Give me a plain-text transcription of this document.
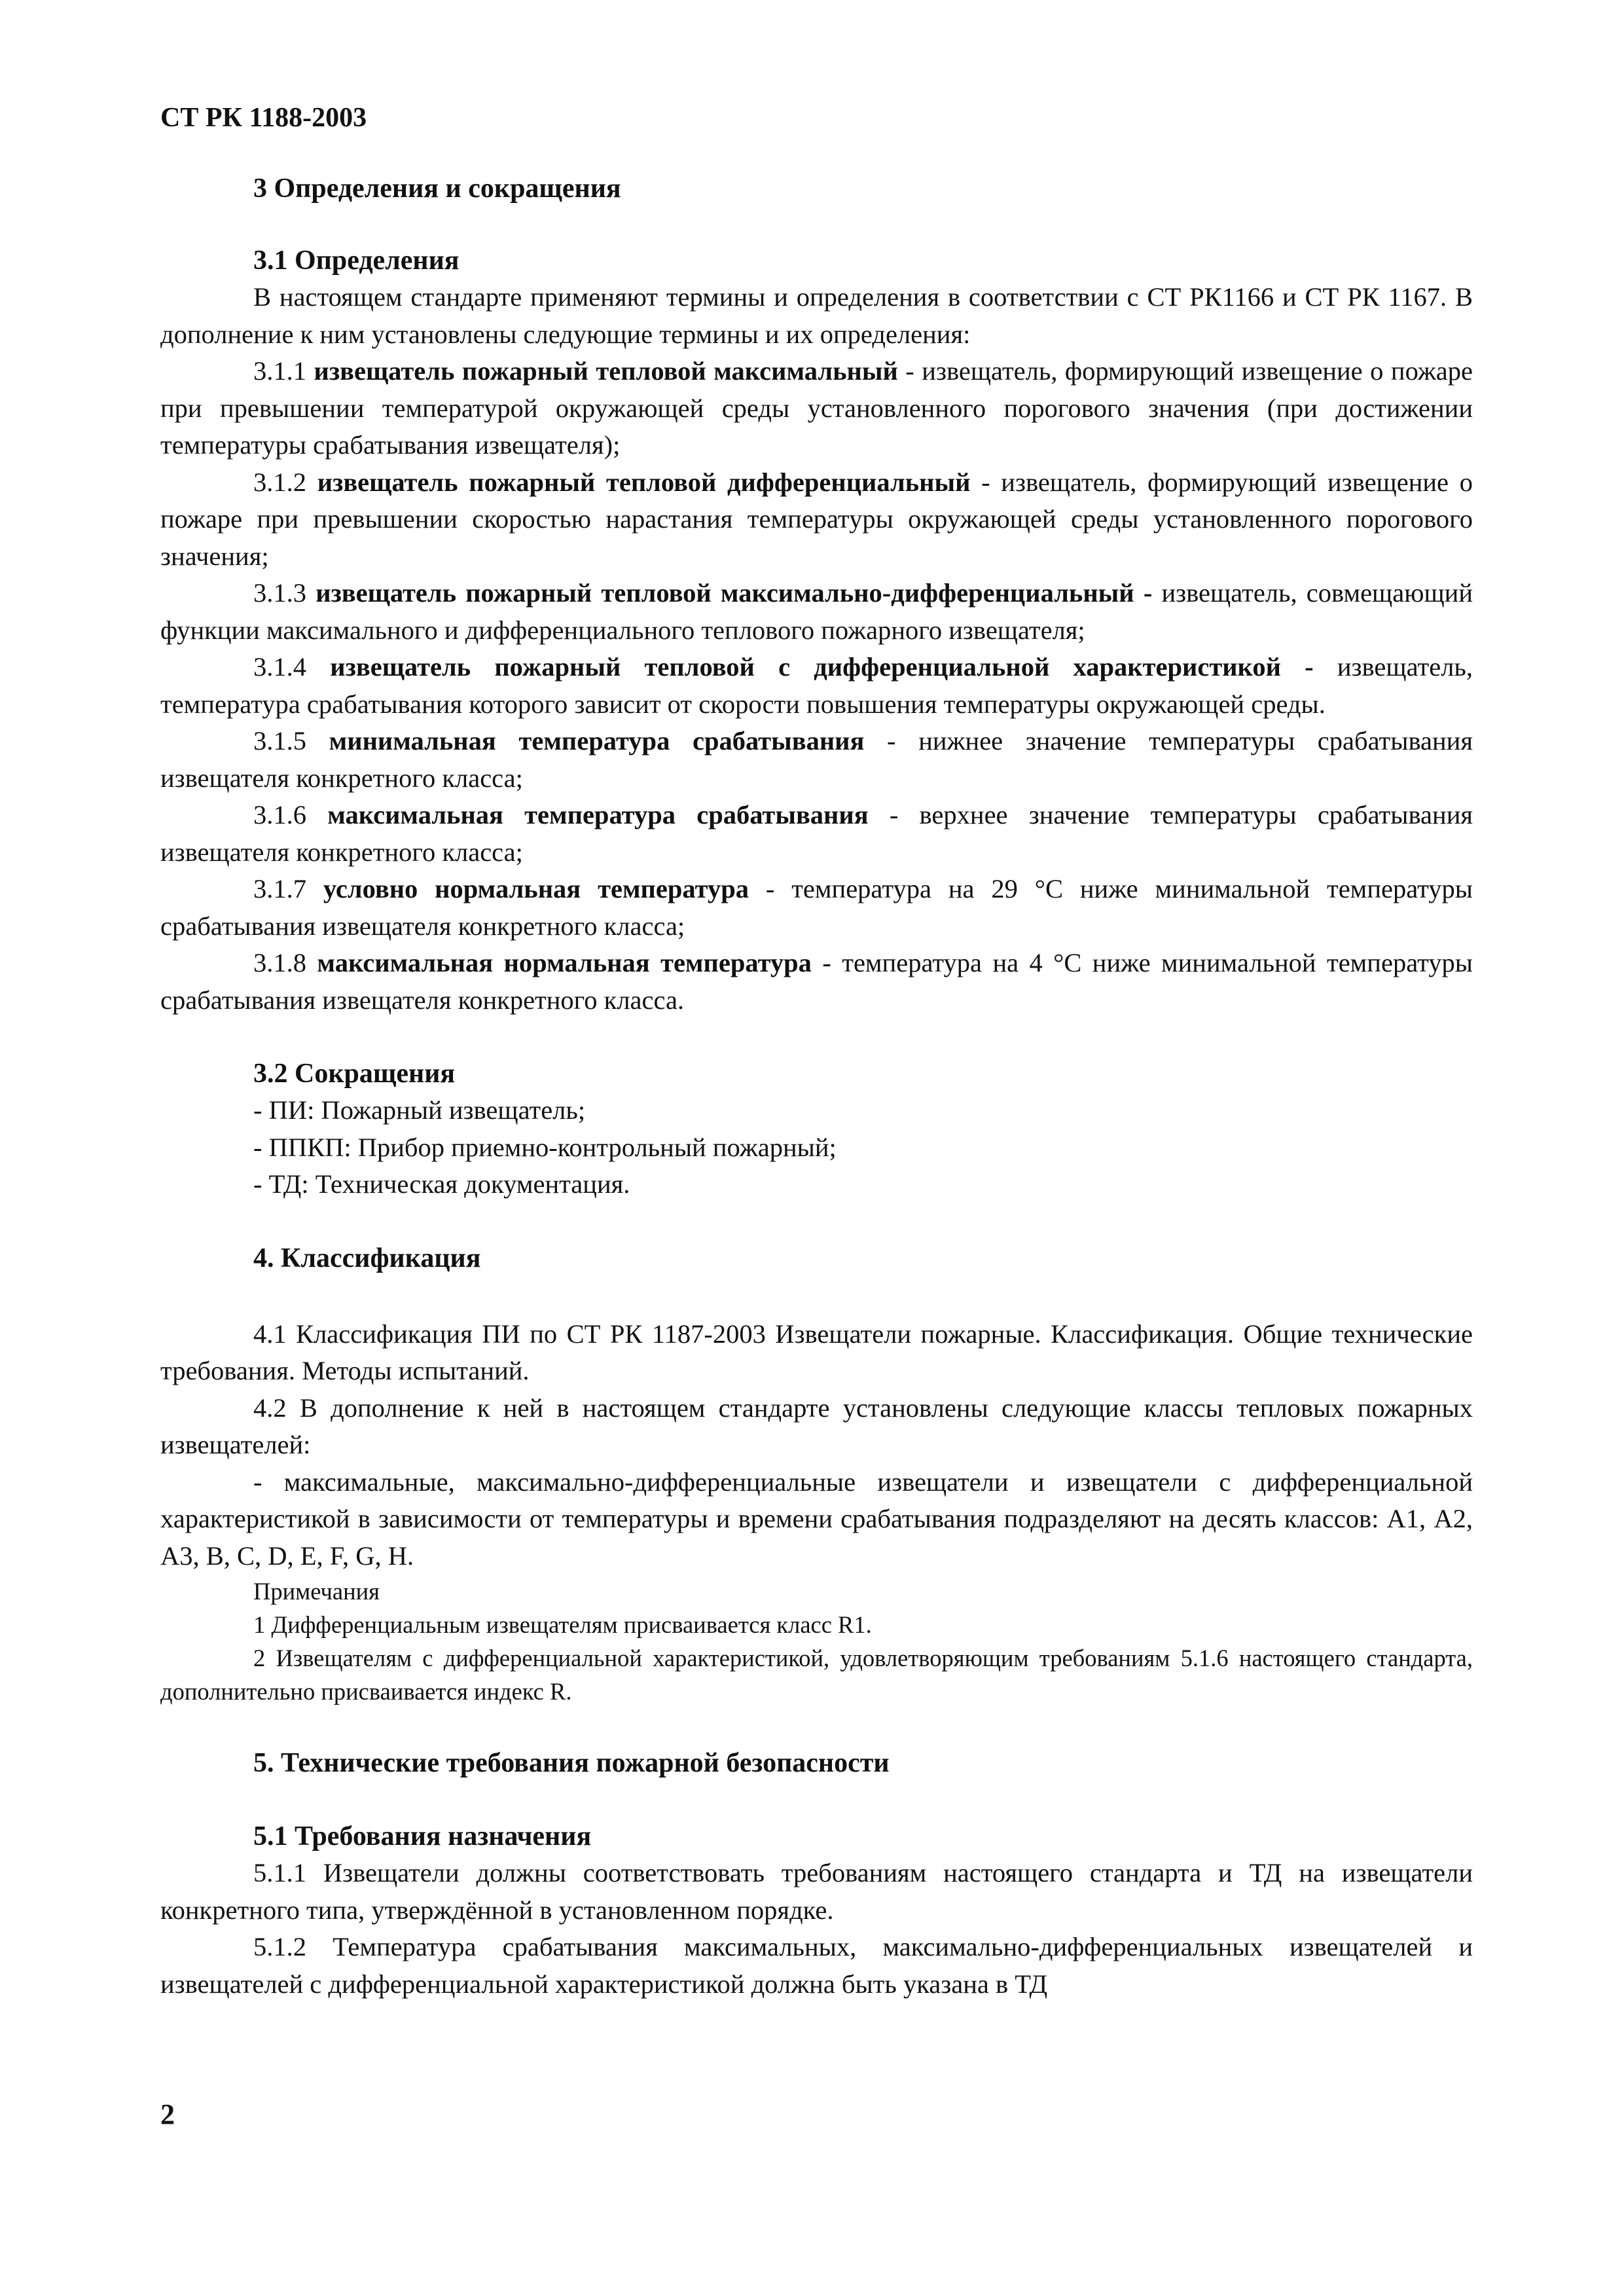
СТ РК 1188-2003
3 Определения и сокращения
3.1 Определения

В настоящем стандарте применяют термины и определения в соответствии с СТ РК1166 и СТ РК 1167. В дополнение к ним установлены следующие термины и их определения:

3.1.1 извещатель пожарный тепловой максимальный - извещатель, формирующий извещение о пожаре при превышении температурой окружающей среды установленного порогового значения (при достижении температуры срабатывания извещателя);

3.1.2 извещатель пожарный тепловой дифференциальный - извещатель, формирующий извещение о пожаре при превышении скоростью нарастания температуры окружающей среды установленного порогового значения;

3.1.3 извещатель пожарный тепловой максимально-дифференциальный - извещатель, совмещающий функции максимального и дифференциального теплового пожарного извещателя;

3.1.4 извещатель пожарный тепловой с дифференциальной характеристикой - извещатель, температура срабатывания которого зависит от скорости повышения температуры окружающей среды.

3.1.5 минимальная температура срабатывания - нижнее значение температуры срабатывания извещателя конкретного класса;

3.1.6 максимальная температура срабатывания - верхнее значение температуры срабатывания извещателя конкретного класса;

3.1.7 условно нормальная температура - температура на 29 °С ниже минимальной температуры срабатывания извещателя конкретного класса;

3.1.8 максимальная нормальная температура - температура на 4 °С ниже минимальной температуры срабатывания извещателя конкретного класса.

3.2 Сокращения
- ПИ: Пожарный извещатель;
- ППКП: Прибор приемно-контрольный пожарный;
- ТД: Техническая документация.
4. Классификация

4.1 Классификация ПИ по СТ РК 1187-2003 Извещатели пожарные. Классификация. Общие технические требования. Методы испытаний.

4.2 В дополнение к ней в настоящем стандарте установлены следующие классы тепловых пожарных извещателей:

- максимальные, максимально-дифференциальные извещатели и извещатели с дифференциальной характеристикой в зависимости от температуры и времени срабатывания подразделяют на десять классов: А1, А2, А3, В, С, D, E, F, G, H.

Примечания

1 Дифференциальным извещателям присваивается класс R1.

2 Извещателям с дифференциальной характеристикой, удовлетворяющим требованиям 5.1.6 настоящего стандарта, дополнительно присваивается индекс R.

5. Технические требования пожарной безопасности
5.1 Требования назначения

5.1.1 Извещатели должны соответствовать требованиям настоящего стандарта и ТД на извещатели конкретного типа, утверждённой в установленном порядке.

5.1.2 Температура срабатывания максимальных, максимально-дифференциальных извещателей и извещателей с дифференциальной характеристикой должна быть указана в ТД

2
